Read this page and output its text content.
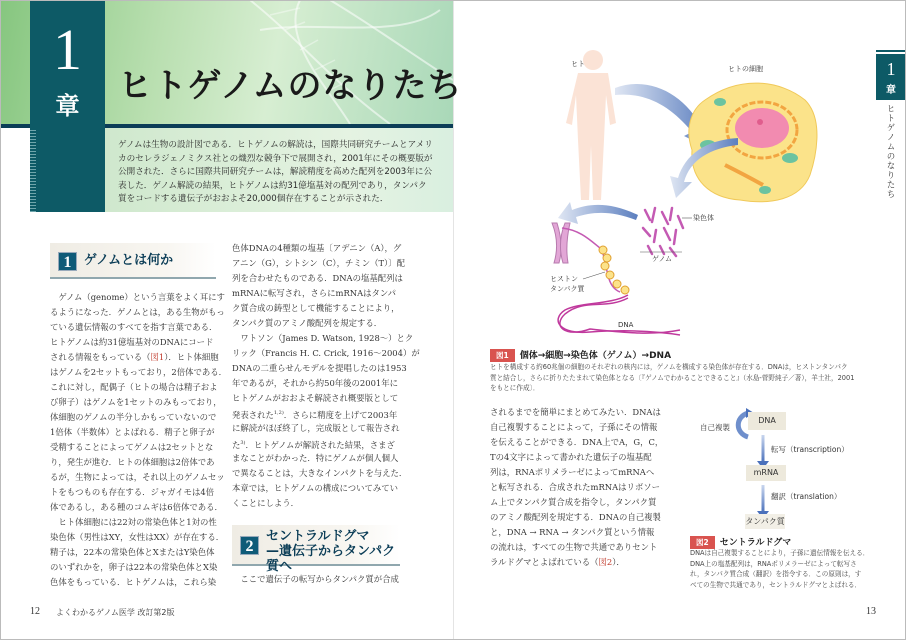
1
章	ヒトゲノムのなりたち
ゲノムは生物の設計図である．ヒトゲノムの解読は，国際共同研究チームとアメリ
カのセレラジェノミクス社との熾烈な競争下で展開され，2001年にその概要版が
公開された．さらに国際共同研究チームは，解読精度を高めた配列を2003年に公
表した．ゲノム解読の結果，ヒトゲノムは約31億塩基対の配列であり，タンパク
質をコードする遺伝子がおおよそ20,000個存在することが示された．
1 ゲノムとは何か
　ゲノム（genome）という言葉をよく耳にす
るようになった．ゲノムとは，ある生物がもっ
ている遺伝情報のすべてを指す言葉である．
ヒトゲノムは約31億塩基対のDNAにコード
される情報をもっている（図1）．ヒト体細胞
はゲノムを2セットもっており，2倍体である．
これに対し，配偶子（ヒトの場合は精子およ
び卵子）はゲノムを1セットのみもっており，
体細胞のゲノムの半分しかもっていないので
1倍体（半数体）とよばれる．精子と卵子が
受精することによってゲノムは2セットとな
り，発生が進む．ヒトの体細胞は2倍体であ
るが，生物によっては，それ以上のゲノムセッ
トをもつものも存在する．ジャガイモは4倍
体であるし，ある種のコムギは6倍体である．
　ヒト体細胞には22対の常染色体と1対の性
染色体（男性はXY，女性はXX）が存在する．
精子は，22本の常染色体とXまたはY染色体
のいずれかを，卵子は22本の常染色体とX染
色体をもっている．ヒトゲノムは，これら染
色体DNAの4種類の塩基〔アデニン（A），グ
アニン（G），シトシン（C），チミン（T）〕配
列を合わせたものである．DNAの塩基配列は
mRNAに転写され，さらにmRNAはタンパ
ク質合成の鋳型として機能することにより，
タンパク質のアミノ酸配列を規定する．
　ワトソン（James D. Watson, 1928～）とク
リック（Francis H. C. Crick, 1916～2004）が
DNAの二重らせんモデルを提唱したのは1953
年であるが，それから約50年後の2001年に
ヒトゲノムがおおよそ解読され概要版として
発表された$^{1,2)}$．さらに精度を上げて2003年
に解読がほぼ終了し，完成版として報告され
た$^{3)}$．ヒトゲノムが解読された結果，さまざ
まなことがわかった．特にゲノムが個人個人
で異なることは，大きなインパクトを与えた．
本章では，ヒトゲノムの構成についてみてい
くことにしよう．
2
セントラルドグマ
—遺伝子からタンパク質へ
　ここで遺伝子の転写からタンパク質が合成
ヒト
ヒトの細胞
染色体
ゲノム
ヒストン
タンパク質
DNA
図1 個体→細胞→染色体（ゲノム）→DNA
ヒトを構成する約60兆個の細胞のそれぞれの核内には，ゲノムを構成する染色体が存在する．DNAは，ヒストンタンパク
質と結合し，さらに折りたたまれて染色体となる〔『ゲノムでわかることできること』（水島-菅野純子／著），羊土社，2001
をもとに作成〕．
されるまでを簡単にまとめてみたい．DNAは
自己複製することによって，子孫にその情報
を伝えることができる．DNA上でA，G，C，
Tの4文字によって書かれた遺伝子の塩基配
列は，RNAポリメラーゼによってmRNAへ
と転写される．合成されたmRNAはリボソー
ム上でタンパク質合成を指令し，タンパク質
のアミノ酸配列を規定する．DNAの自己複製
と，DNA → RNA → タンパク質という情報
の流れは，すべての生物で共通でありセント
ラルドグマとよばれている（図2）．
自己複製
DNA
転写（transcription）
mRNA
翻訳（translation）
タンパク質
図2 セントラルドグマ
DNAは自己複製することにより，子孫に遺伝情報を伝える．
DNA上の塩基配列は，RNAポリメラーゼによって転写さ
れ，タンパク質合成（翻訳）を指令する．この原則は，す
べての生物で共通であり，セントラルドグマとよばれる．
1
章
ヒトゲノムのなりたち
12 よくわかるゲノム医学 改訂第2版	13
